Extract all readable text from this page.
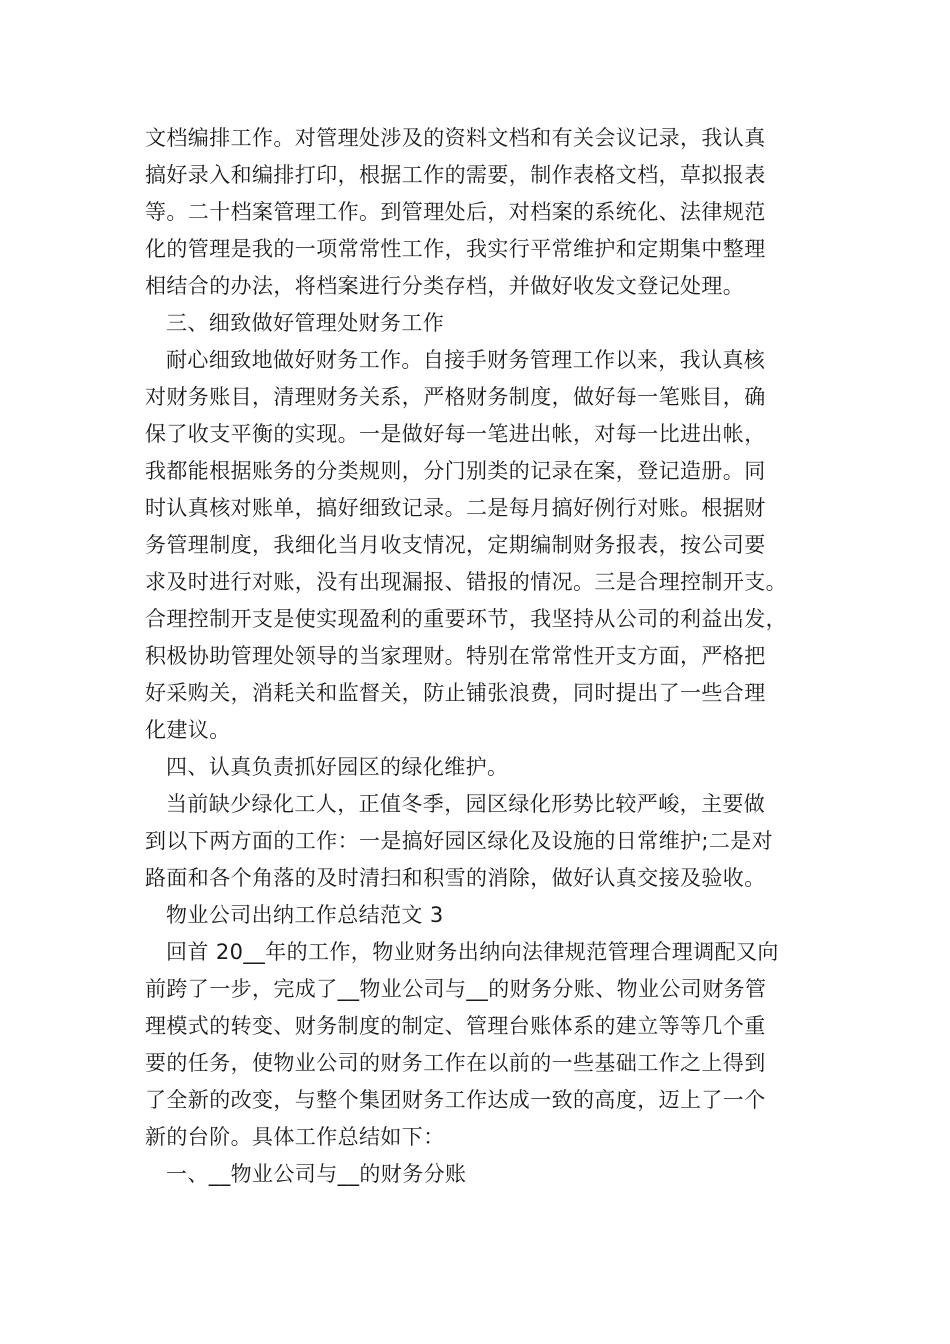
文档编排工作。对管理处涉及的资料文档和有关会议记录，我认真
搞好录入和编排打印，根据工作的需要，制作表格文档，草拟报表
等。二十档案管理工作。到管理处后，对档案的系统化、法律规范
化的管理是我的一项常常性工作，我实行平常维护和定期集中整理
相结合的办法，将档案进行分类存档，并做好收发文登记处理。
三、细致做好管理处财务工作
耐心细致地做好财务工作。自接手财务管理工作以来，我认真核
对财务账目，清理财务关系，严格财务制度，做好每一笔账目，确
保了收支平衡的实现。一是做好每一笔进出帐，对每一比进出帐，
我都能根据账务的分类规则，分门别类的记录在案，登记造册。同
时认真核对账单，搞好细致记录。二是每月搞好例行对账。根据财
务管理制度，我细化当月收支情况，定期编制财务报表，按公司要
求及时进行对账，没有出现漏报、错报的情况。三是合理控制开支。
合理控制开支是使实现盈利的重要环节，我坚持从公司的利益出发，
积极协助管理处领导的当家理财。特别在常常性开支方面，严格把
好采购关，消耗关和监督关，防止铺张浪费，同时提出了一些合理
化建议。
四、认真负责抓好园区的绿化维护。
当前缺少绿化工人，正值冬季，园区绿化形势比较严峻，主要做
到以下两方面的工作：一是搞好园区绿化及设施的日常维护;二是对
路面和各个角落的及时清扫和积雪的消除，做好认真交接及验收。
物业公司出纳工作总结范文 3
回首 20__年的工作，物业财务出纳向法律规范管理合理调配又向
前跨了一步，完成了__物业公司与__的财务分账、物业公司财务管
理模式的转变、财务制度的制定、管理台账体系的建立等等几个重
要的任务，使物业公司的财务工作在以前的一些基础工作之上得到
了全新的改变，与整个集团财务工作达成一致的高度，迈上了一个
新的台阶。具体工作总结如下：
一、__物业公司与__的财务分账
